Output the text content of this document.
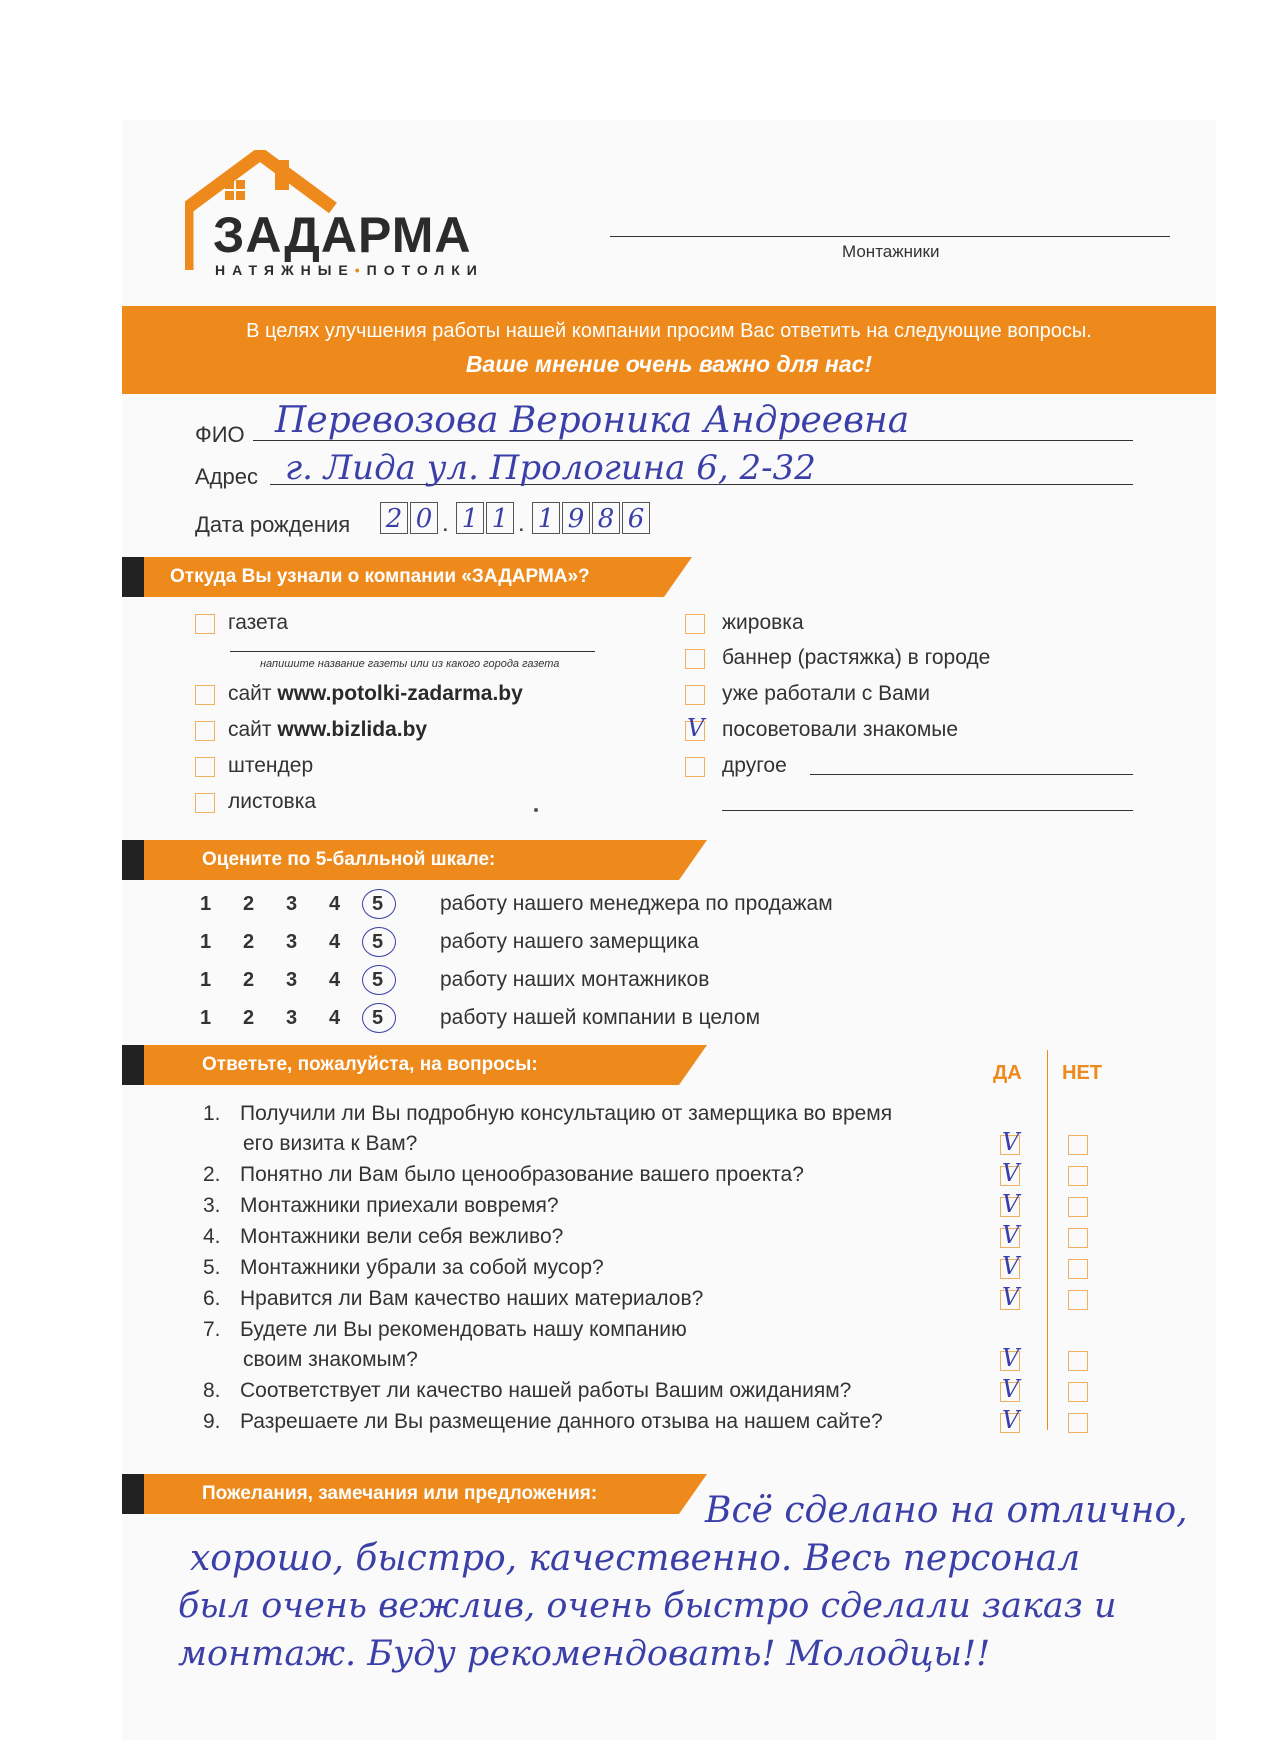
ЗАДАРМА
НАТЯЖНЫЕ•ПОТОЛКИ
Монтажники
В целях улучшения работы нашей компании просим Вас ответить на следующие вопросы.
Ваше мнение очень важно для нас!
ФИО Перевозова Вероника Андреевна
Адрес г. Лида ул. Прологина 6, 2-32
Дата рождения 2 0 . 1 1 . 1 9 8 6
Откуда Вы узнали о компании «ЗАДАРМА»?
газета
напишите название газеты или из какого города газета
сайт www.potolki-zadarma.by
сайт www.bizlida.by
штендер
листовка
жировка
баннер (растяжка) в городе
уже работали с Вами
V посоветовали знакомые
другое
Оцените по 5-балльной шкале:
1 2 3 4 5	работу нашего менеджера по продажам
1 2 3 4 5	работу нашего замерщика
1 2 3 4 5	работу наших монтажников
1 2 3 4 5	работу нашей компании в целом
Ответьте, пожалуйста, на вопросы:	ДА НЕТ
1. Получили ли Вы подробную консультацию от замерщика во время
его визита к Вам?	V
2. Понятно ли Вам было ценообразование вашего проекта?	V
3. Монтажники приехали вовремя?	V
4. Монтажники вели себя вежливо?	V
5. Монтажники убрали за собой мусор?	V
6. Нравится ли Вам качество наших материалов?	V
7. Будете ли Вы рекомендовать нашу компанию
своим знакомым?	V
8. Соответствует ли качество нашей работы Вашим ожиданиям?	V
9. Разрешаете ли Вы размещение данного отзыва на нашем сайте?	V
Пожелания, замечания или предложения:	Всё сделано на отлично,
хорошо, быстро, качественно. Весь персонал
был очень вежлив, очень быстро сделали заказ и
монтаж. Буду рекомендовать! Молодцы!!
